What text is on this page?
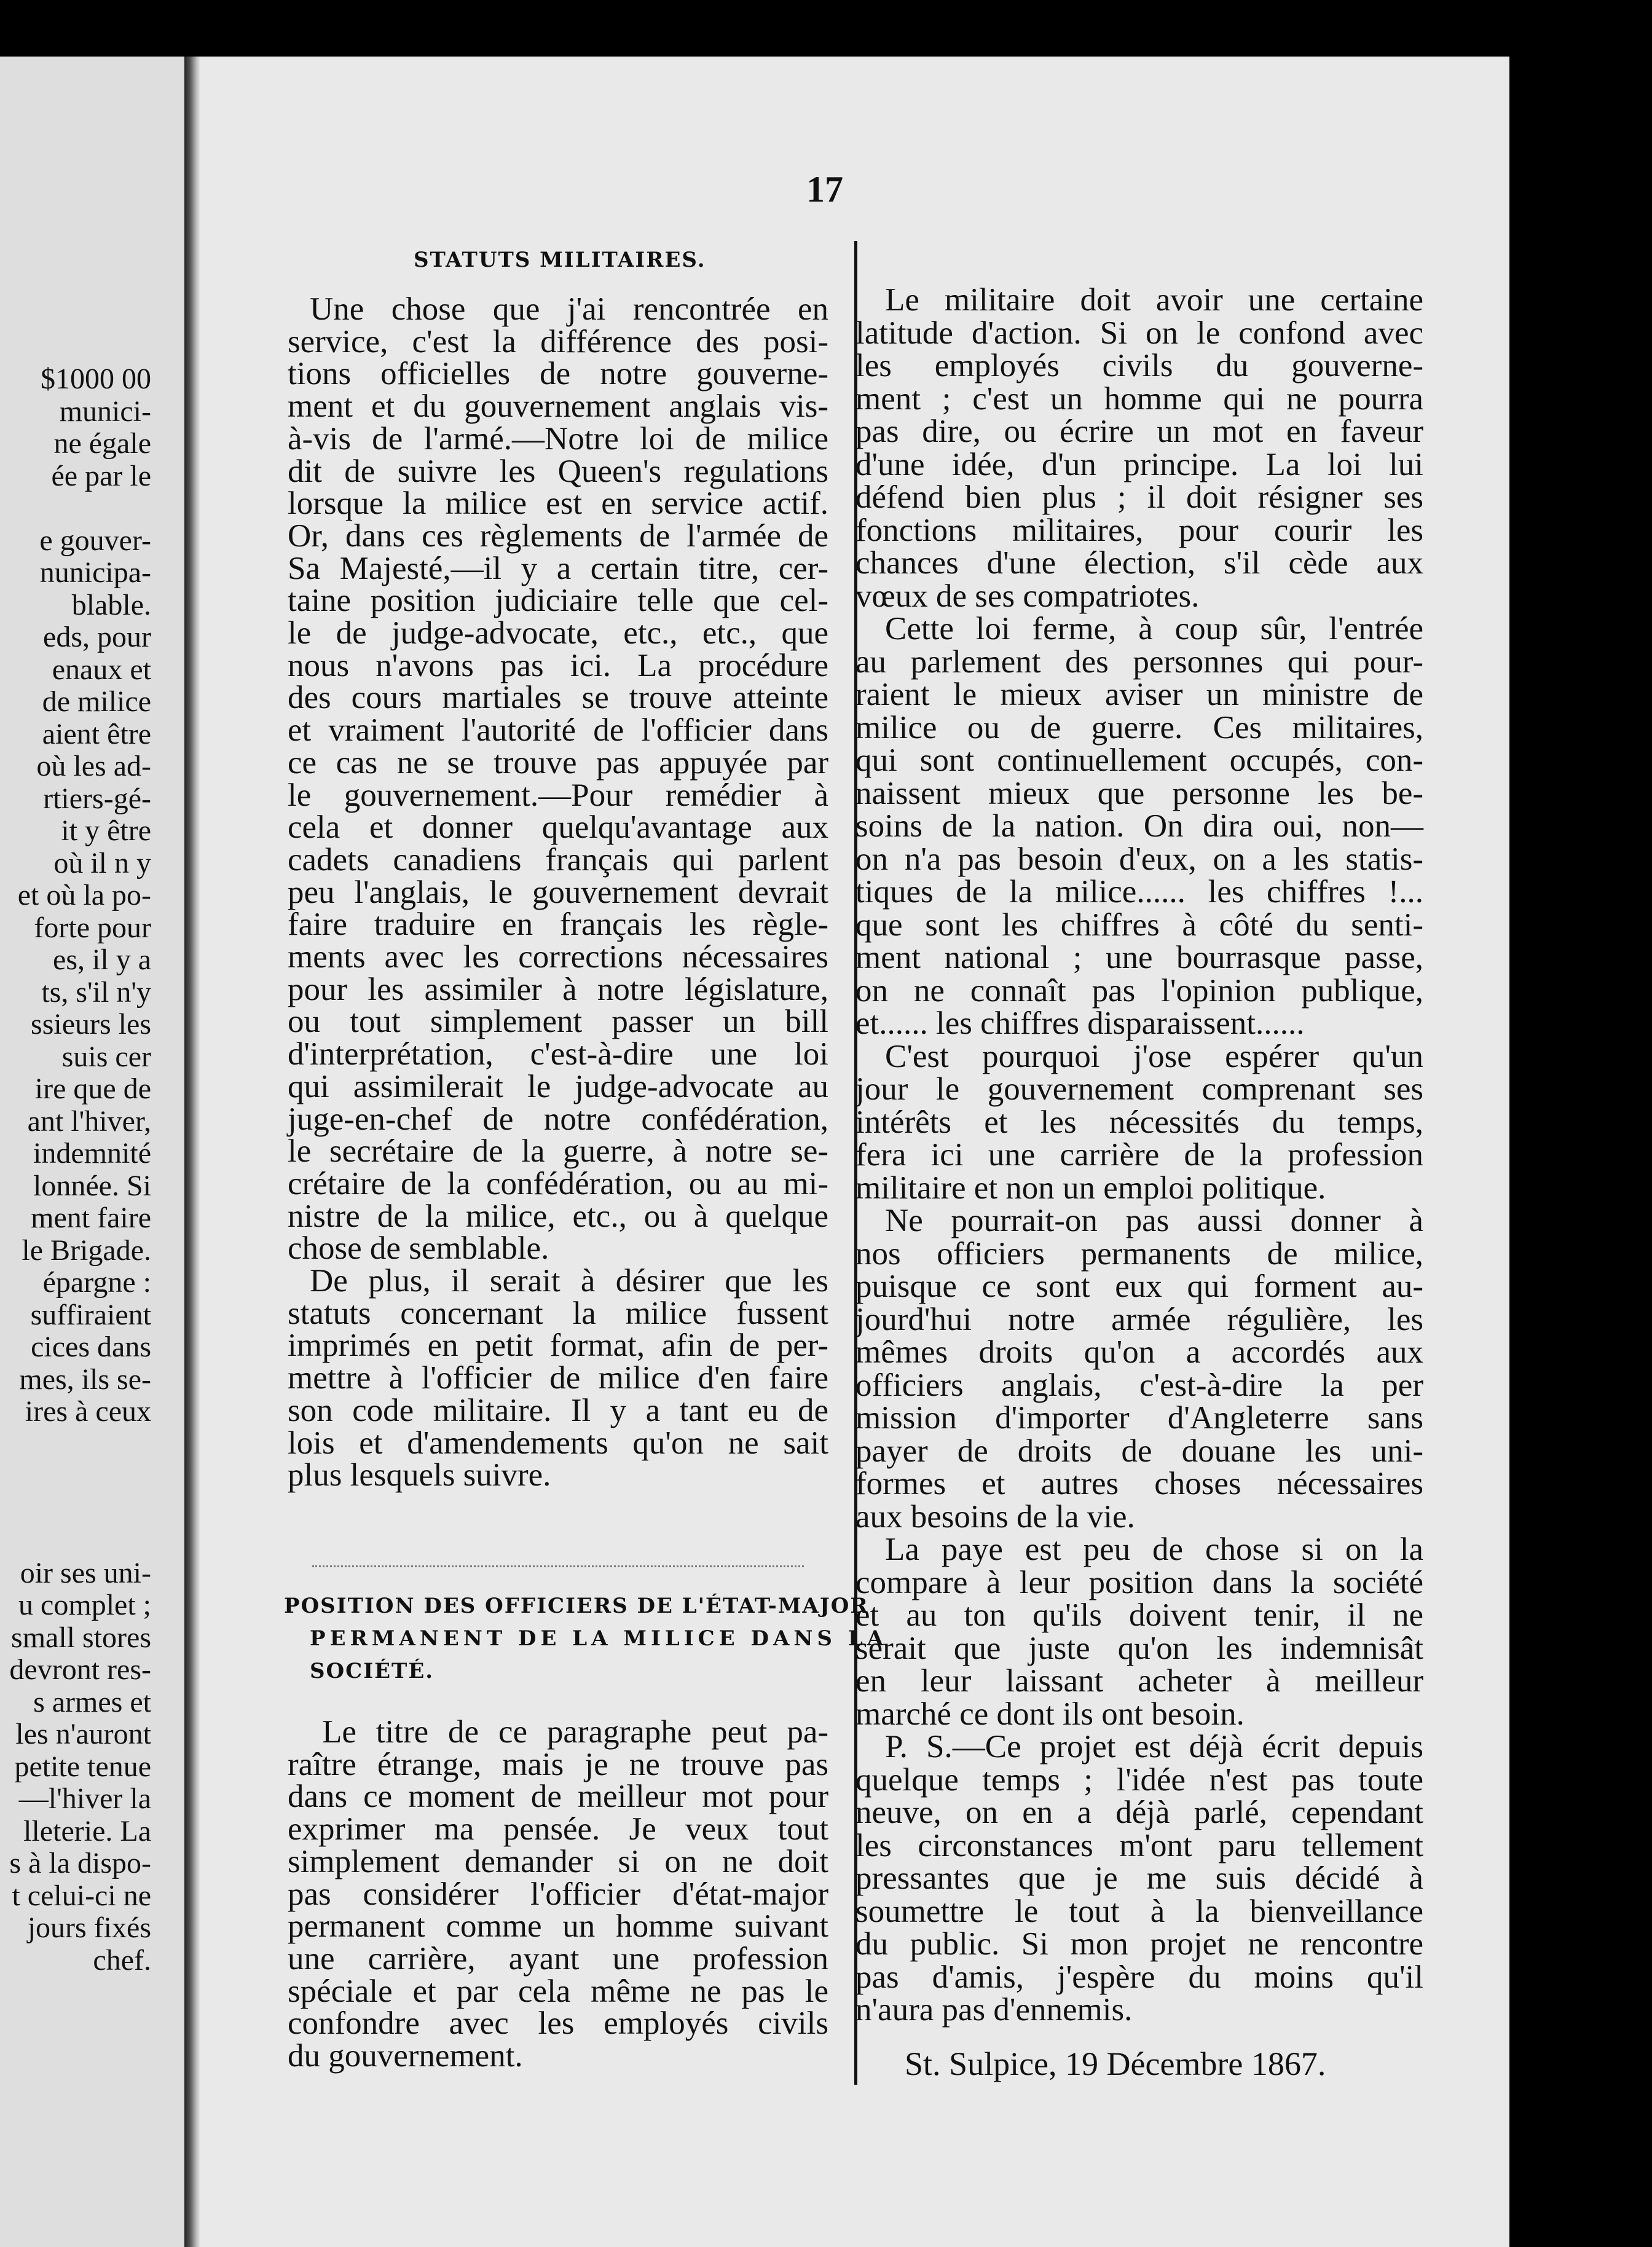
$1000 00
munici-
ne égale
ée par le
e gouver-
nunicipa-
blable.
eds, pour
enaux et
de milice
aient être
où les ad-
rtiers-gé-
it y être
où il n y
et où la po-
forte pour
es, il y a
ts, s'il n'y
ssieurs les
suis cer
ire que de
ant l'hiver,
indemnité
lonnée. Si
ment faire
le Brigade.
épargne :
suffiraient
cices dans
mes, ils se-
ires à ceux
oir ses uni-
u complet ;
small stores
devront res-
s armes et
les n'auront
petite tenue
—l'hiver la
lleterie. La
s à la dispo-
t celui-ci ne
jours fixés
chef.
17
STATUTS MILITAIRES.
Une chose que j'ai rencontrée en
service, c'est la différence des posi-
tions officielles de notre gouverne-
ment et du gouvernement anglais vis-
à-vis de l'armé.—Notre loi de milice
dit de suivre les Queen's regulations
lorsque la milice est en service actif.
Or, dans ces règlements de l'armée de
Sa Majesté,—il y a certain titre, cer-
taine position judiciaire telle que cel-
le de judge-advocate, etc., etc., que
nous n'avons pas ici. La procédure
des cours martiales se trouve atteinte
et vraiment l'autorité de l'officier dans
ce cas ne se trouve pas appuyée par
le gouvernement.—Pour remédier à
cela et donner quelqu'avantage aux
cadets canadiens français qui parlent
peu l'anglais, le gouvernement devrait
faire traduire en français les règle-
ments avec les corrections nécessaires
pour les assimiler à notre législature,
ou tout simplement passer un bill
d'interprétation, c'est-à-dire une loi
qui assimilerait le judge-advocate au
juge-en-chef de notre confédération,
le secrétaire de la guerre, à notre se-
crétaire de la confédération, ou au mi-
nistre de la milice, etc., ou à quelque
chose de semblable.
De plus, il serait à désirer que les
statuts concernant la milice fussent
imprimés en petit format, afin de per-
mettre à l'officier de milice d'en faire
son code militaire. Il y a tant eu de
lois et d'amendements qu'on ne sait
plus lesquels suivre.
POSITION DES OFFICIERS DE L'ÉTAT-MAJOR
PERMANENT DE LA MILICE DANS LA
SOCIÉTÉ.
Le titre de ce paragraphe peut pa-
raître étrange, mais je ne trouve pas
dans ce moment de meilleur mot pour
exprimer ma pensée. Je veux tout
simplement demander si on ne doit
pas considérer l'officier d'état-major
permanent comme un homme suivant
une carrière, ayant une profession
spéciale et par cela même ne pas le
confondre avec les employés civils
du gouvernement.
Le militaire doit avoir une certaine
latitude d'action. Si on le confond avec
les employés civils du gouverne-
ment ; c'est un homme qui ne pourra
pas dire, ou écrire un mot en faveur
d'une idée, d'un principe. La loi lui
défend bien plus ; il doit résigner ses
fonctions militaires, pour courir les
chances d'une élection, s'il cède aux
vœux de ses compatriotes.
Cette loi ferme, à coup sûr, l'entrée
au parlement des personnes qui pour-
raient le mieux aviser un ministre de
milice ou de guerre. Ces militaires,
qui sont continuellement occupés, con-
naissent mieux que personne les be-
soins de la nation. On dira oui, non—
on n'a pas besoin d'eux, on a les statis-
tiques de la milice...... les chiffres !...
que sont les chiffres à côté du senti-
ment national ; une bourrasque passe,
on ne connaît pas l'opinion publique,
et...... les chiffres disparaissent......
C'est pourquoi j'ose espérer qu'un
jour le gouvernement comprenant ses
intérêts et les nécessités du temps,
fera ici une carrière de la profession
militaire et non un emploi politique.
Ne pourrait-on pas aussi donner à
nos officiers permanents de milice,
puisque ce sont eux qui forment au-
jourd'hui notre armée régulière, les
mêmes droits qu'on a accordés aux
officiers anglais, c'est-à-dire la per
mission d'importer d'Angleterre sans
payer de droits de douane les uni-
formes et autres choses nécessaires
aux besoins de la vie.
La paye est peu de chose si on la
compare à leur position dans la société
et au ton qu'ils doivent tenir, il ne
serait que juste qu'on les indemnisât
en leur laissant acheter à meilleur
marché ce dont ils ont besoin.
P. S.—Ce projet est déjà écrit depuis
quelque temps ; l'idée n'est pas toute
neuve, on en a déjà parlé, cependant
les circonstances m'ont paru tellement
pressantes que je me suis décidé à
soumettre le tout à la bienveillance
du public. Si mon projet ne rencontre
pas d'amis, j'espère du moins qu'il
n'aura pas d'ennemis.
St. Sulpice, 19 Décembre 1867.
